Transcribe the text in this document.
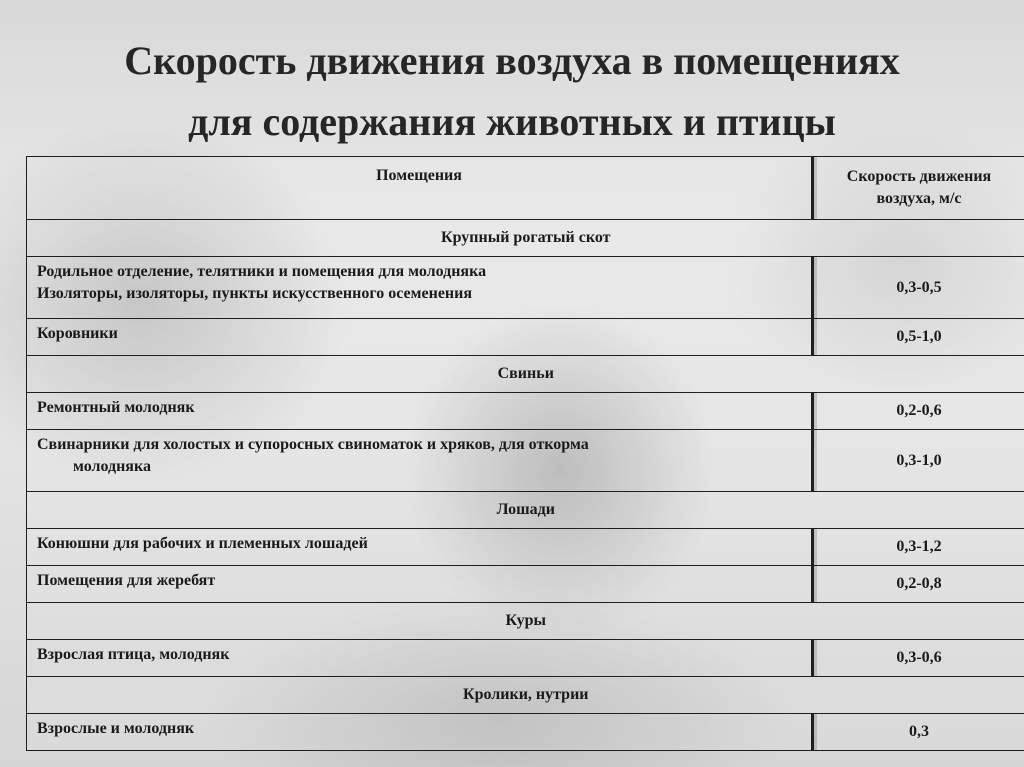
Скорость движения воздуха в помещениях
для содержания животных и птицы
Помещения	Скорость движения
воздуха, м/с

Крупный рогатый скот	

Родильное отделение, телятники и помещения для молодняка
Изоляторы, изоляторы, пункты искусственного осеменения	0,3-0,5
Коровники	0,5-1,0
Свиньи	
Ремонтный молодняк	0,2-0,6

Свинарники для холостых и супоросных свиноматок и хряков, для откорма
молодняка	0,3-1,0
Лошади	
Конюшни для рабочих и племенных лошадей	0,3-1,2
Помещения для жеребят	0,2-0,8
Куры	
Взрослая птица, молодняк	0,3-0,6
Кролики, нутрии	
Взрослые и молодняк	0,3
